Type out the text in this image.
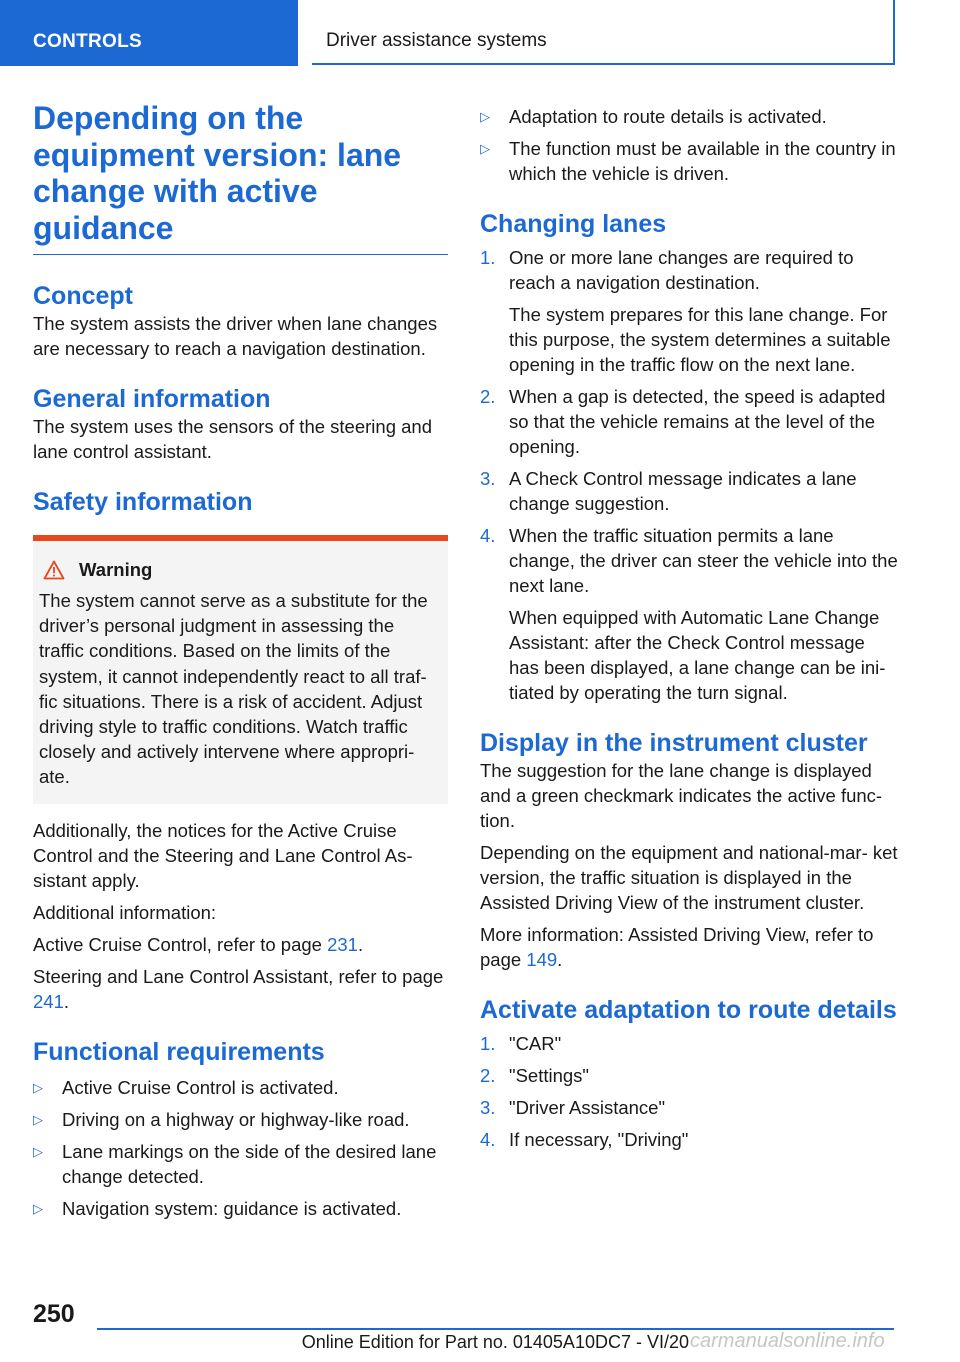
CONTROLS	Driver assistance systems
Depending on the equipment version: lane change with active guidance
Concept

The system assists the driver when lane changes are necessary to reach a navigation destination.

General information

The system uses the sensors of the steering and lane control assistant.

Safety information
Warning
The system cannot serve as a substitute for the driver’s personal judgment in assessing the traffic conditions. Based on the limits of the system, it cannot independently react to all traf‐ fic situations. There is a risk of accident. Adjust driving style to traffic conditions. Watch traffic closely and actively intervene where appropri‐ ate.

Additionally, the notices for the Active Cruise Control and the Steering and Lane Control As‐ sistant apply.

Additional information:

Active Cruise Control, refer to page 231.

Steering and Lane Control Assistant, refer to page 241.

Functional requirements
▷ Active Cruise Control is activated.
▷ Driving on a highway or highway-like road.
▷ Lane markings on the side of the desired lane change detected.
▷ Navigation system: guidance is activated.
▷ Adaptation to route details is activated.
▷ The function must be available in the country in which the vehicle is driven.
Changing lanes
1. One or more lane changes are required to reach a navigation destination.
The system prepares for this lane change. For this purpose, the system determines a suitable opening in the traffic flow on the next lane.
2. When a gap is detected, the speed is adapted so that the vehicle remains at the level of the opening.
3. A Check Control message indicates a lane change suggestion.
4. When the traffic situation permits a lane change, the driver can steer the vehicle into the next lane.
When equipped with Automatic Lane Change Assistant: after the Check Control message has been displayed, a lane change can be ini‐ tiated by operating the turn signal.
Display in the instrument cluster

The suggestion for the lane change is displayed and a green checkmark indicates the active func‐ tion.

Depending on the equipment and national-mar‐ ket version, the traffic situation is displayed in the Assisted Driving View of the instrument cluster.

More information: Assisted Driving View, refer to page 149.

Activate adaptation to route details
1. "CAR"
2. "Settings"
3. "Driver Assistance"
4. If necessary, "Driving"
250
Online Edition for Part no. 01405A10DC7 - VI/20 carmanualsonline.info
